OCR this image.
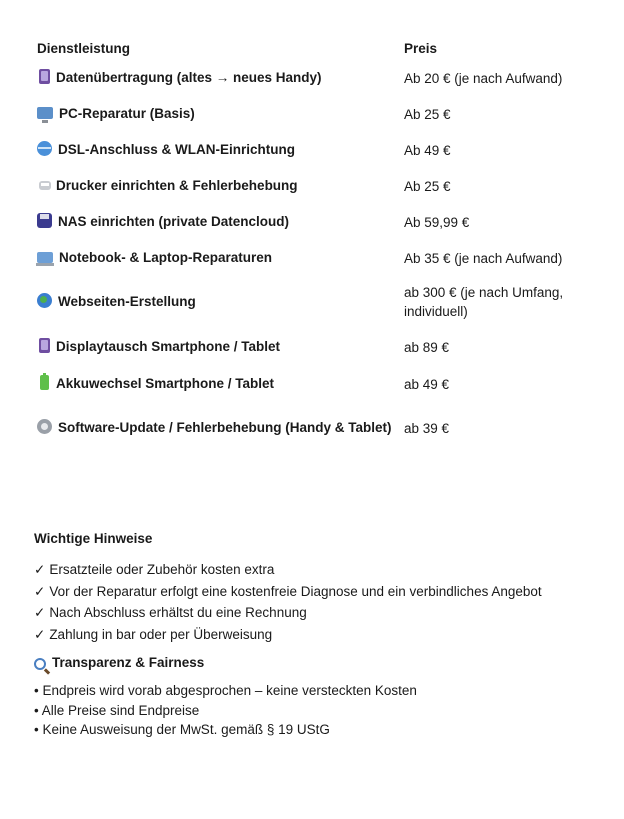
Dienstleistung	Preis
Datenübertragung (altes → neues Handy)	Ab 20 € (je nach Aufwand)
PC-Reparatur (Basis)	Ab 25 €
DSL-Anschluss & WLAN-Einrichtung	Ab 49 €
Drucker einrichten & Fehlerbehebung	Ab 25 €
NAS einrichten (private Datencloud)	Ab 59,99 €
Notebook- & Laptop-Reparaturen	Ab 35 € (je nach Aufwand)
Webseiten-Erstellung	ab 300 € (je nach Umfang, individuell)
Displaytausch Smartphone / Tablet	ab 89 €
Akkuwechsel Smartphone / Tablet	ab 49 €
Software-Update / Fehlerbehebung (Handy & Tablet)	ab 39 €
Wichtige Hinweise
✓ Ersatzteile oder Zubehör kosten extra
✓ Vor der Reparatur erfolgt eine kostenfreie Diagnose und ein verbindliches Angebot
✓ Nach Abschluss erhältst du eine Rechnung
✓ Zahlung in bar oder per Überweisung
Transparenz & Fairness
• Endpreis wird vorab abgesprochen – keine versteckten Kosten
• Alle Preise sind Endpreise
• Keine Ausweisung der MwSt. gemäß § 19 UStG
